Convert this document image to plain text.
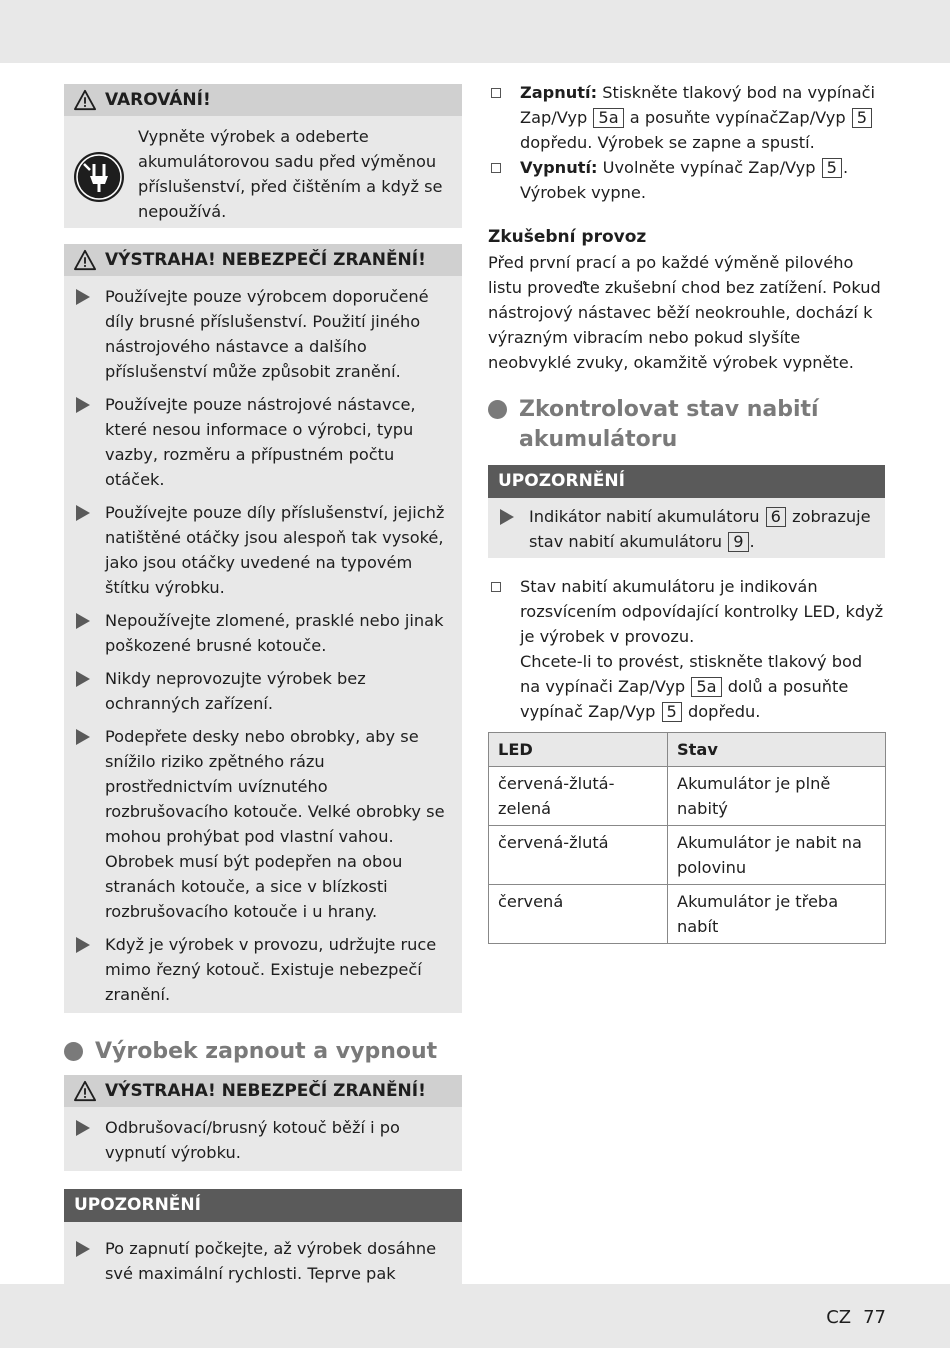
VAROVÁNÍ!
Vypněte výrobek a odeberte akumulátorovou sadu před výměnou příslušenství, před čištěním a když se nepoužívá.
VÝSTRAHA! NEBEZPEČÍ ZRANĚNÍ!
Používejte pouze výrobcem doporučené díly brusné příslušenství. Použití jiného nástrojového nástavce a dalšího příslušenství může způsobit zranění.
Používejte pouze nástrojové nástavce, které nesou informace o výrobci, typu vazby, rozměru a přípustném počtu otáček.
Používejte pouze díly příslušenství, jejichž natištěné otáčky jsou alespoň tak vysoké, jako jsou otáčky uvedené na typovém štítku výrobku.
Nepoužívejte zlomené, prasklé nebo jinak poškozené brusné kotouče.
Nikdy neprovozujte výrobek bez ochranných zařízení.
Podepřete desky nebo obrobky, aby se snížilo riziko zpětného rázu prostřednictvím uvíznutého rozbrušovacího kotouče. Velké obrobky se mohou prohýbat pod vlastní vahou. Obrobek musí být podepřen na obou stranách kotouče, a sice v blízkosti rozbrušovacího kotouče i u hrany.
Když je výrobek v provozu, udržujte ruce mimo řezný kotouč. Existuje nebezpečí zranění.
Výrobek zapnout a vypnout
VÝSTRAHA! NEBEZPEČÍ ZRANĚNÍ!
Odbrušovací/brusný kotouč běží i po vypnutí výrobku.
UPOZORNĚNÍ
Po zapnutí počkejte, až výrobek dosáhne své maximální rychlosti. Teprve pak
Zapnutí: Stiskněte tlakový bod na vypínači Zap/Vyp 5a a posuňte vypínačZap/Vyp 5 dopředu. Výrobek se zapne a spustí.
Vypnutí: Uvolněte vypínač Zap/Vyp 5 . Výrobek vypne.
Zkušební provoz

Před první prací a po každé výměně pilového listu proveďte zkušební chod bez zatížení. Pokud nástrojový nástavec běží neokrouhle, dochází k výrazným vibracím nebo pokud slyšíte neobvyklé zvuky, okamžitě výrobek vypněte.

Zkontrolovat stav nabití akumulátoru
UPOZORNĚNÍ
Indikátor nabití akumulátoru 6 zobrazuje stav nabití akumulátoru 9 .
Stav nabití akumulátoru je indikován rozsvícením odpovídající kontrolky LED, když je výrobek v provozu.
Chcete-li to provést, stiskněte tlakový bod na vypínači Zap/Vyp 5a dolů a posuňte vypínač Zap/Vyp 5 dopředu.
LED	Stav
červená-žlutá-zelená	Akumulátor je plně nabitý
červená-žlutá	Akumulátor je nabit na polovinu
červená	Akumulátor je třeba nabít
CZ 77
